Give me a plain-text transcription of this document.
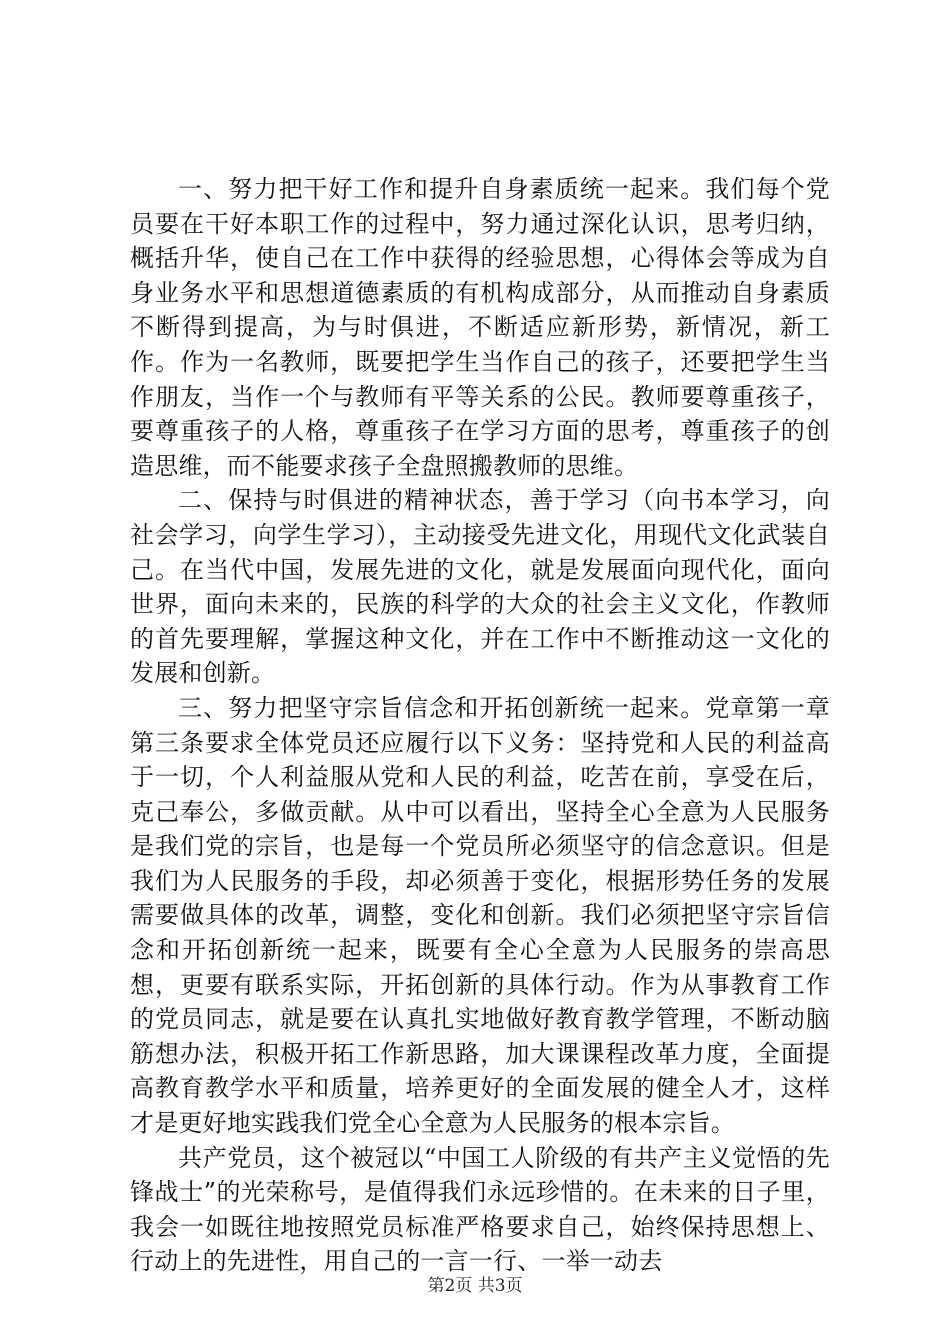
一、努力把干好工作和提升自身素质统一起来。我们每个党员要在干好本职工作的过程中，努力通过深化认识，思考归纳，概括升华，使自己在工作中获得的经验思想，心得体会等成为自身业务水平和思想道德素质的有机构成部分，从而推动自身素质不断得到提高，为与时俱进，不断适应新形势，新情况，新工作。作为一名教师，既要把学生当作自己的孩子，还要把学生当作朋友，当作一个与教师有平等关系的公民。教师要尊重孩子，要尊重孩子的人格，尊重孩子在学习方面的思考，尊重孩子的创造思维，而不能要求孩子全盘照搬教师的思维。

二、保持与时俱进的精神状态，善于学习（向书本学习，向社会学习，向学生学习），主动接受先进文化，用现代文化武装自己。在当代中国，发展先进的文化，就是发展面向现代化，面向世界，面向未来的，民族的科学的大众的社会主义文化，作教师的首先要理解，掌握这种文化，并在工作中不断推动这一文化的发展和创新。

三、努力把坚守宗旨信念和开拓创新统一起来。党章第一章第三条要求全体党员还应履行以下义务：坚持党和人民的利益高于一切，个人利益服从党和人民的利益，吃苦在前，享受在后，克己奉公，多做贡献。从中可以看出，坚持全心全意为人民服务是我们党的宗旨，也是每一个党员所必须坚守的信念意识。但是我们为人民服务的手段，却必须善于变化，根据形势任务的发展需要做具体的改革，调整，变化和创新。我们必须把坚守宗旨信念和开拓创新统一起来，既要有全心全意为人民服务的崇高思想，更要有联系实际，开拓创新的具体行动。作为从事教育工作的党员同志，就是要在认真扎实地做好教育教学管理，不断动脑筋想办法，积极开拓工作新思路，加大课课程改革力度，全面提高教育教学水平和质量，培养更好的全面发展的健全人才，这样才是更好地实践我们党全心全意为人民服务的根本宗旨。

共产党员，这个被冠以“中国工人阶级的有共产主义觉悟的先锋战士”的光荣称号，是值得我们永远珍惜的。在未来的日子里，我会一如既往地按照党员标准严格要求自己，始终保持思想上、行动上的先进性，用自己的一言一行、一举一动去

第2页 共3页
